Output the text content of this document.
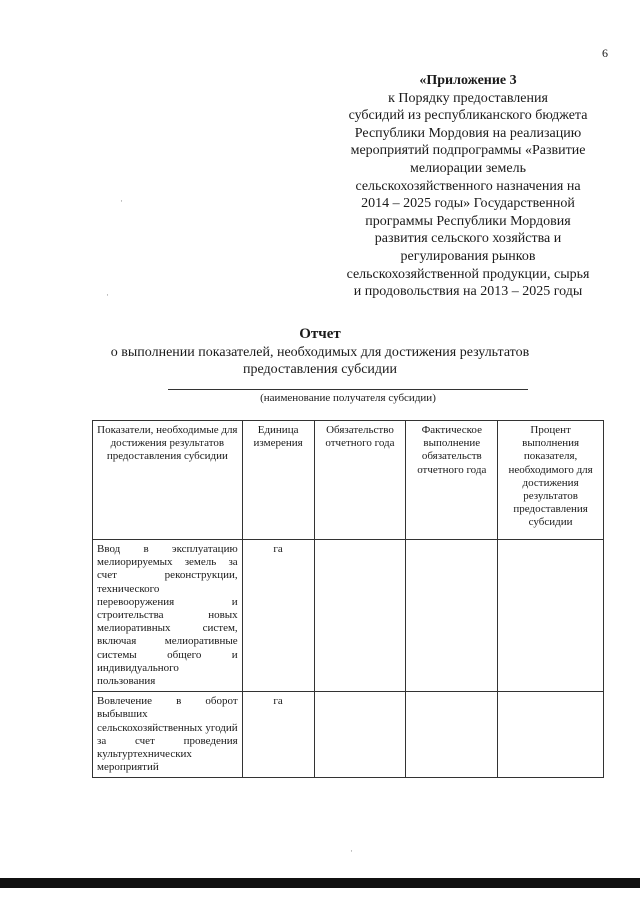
6
«Приложение 3
к Порядку предоставления
субсидий из республиканского бюджета
Республики Мордовия на реализацию
мероприятий подпрограммы «Развитие
мелиорации земель
сельскохозяйственного назначения на
2014 – 2025 годы» Государственной
программы Республики Мордовия
развития сельского хозяйства и
регулирования рынков
сельскохозяйственной продукции, сырья
и продовольствия на 2013 – 2025 годы
Отчет
о выполнении показателей, необходимых для достижения результатов
предоставления субсидии
(наименование получателя субсидии)
Показатели, необходимые для достижения результатов предоставления субсидии	Единица измерения	Обязательство отчетного года	Фактическое выполнение обязательств отчетного года	Процент выполнения показателя, необходимого для достижения результатов предоставления субсидии
Ввод в эксплуатацию мелиорируемых земель за счет реконструкции, технического перевооружения и строительства новых мелиоративных систем, включая мелиоративные системы общего и индивидуального пользования	га			
Вовлечение в оборот выбывших сельскохозяйственных угодий за счет проведения культуртехнических мероприятий	га			
·
·
·
